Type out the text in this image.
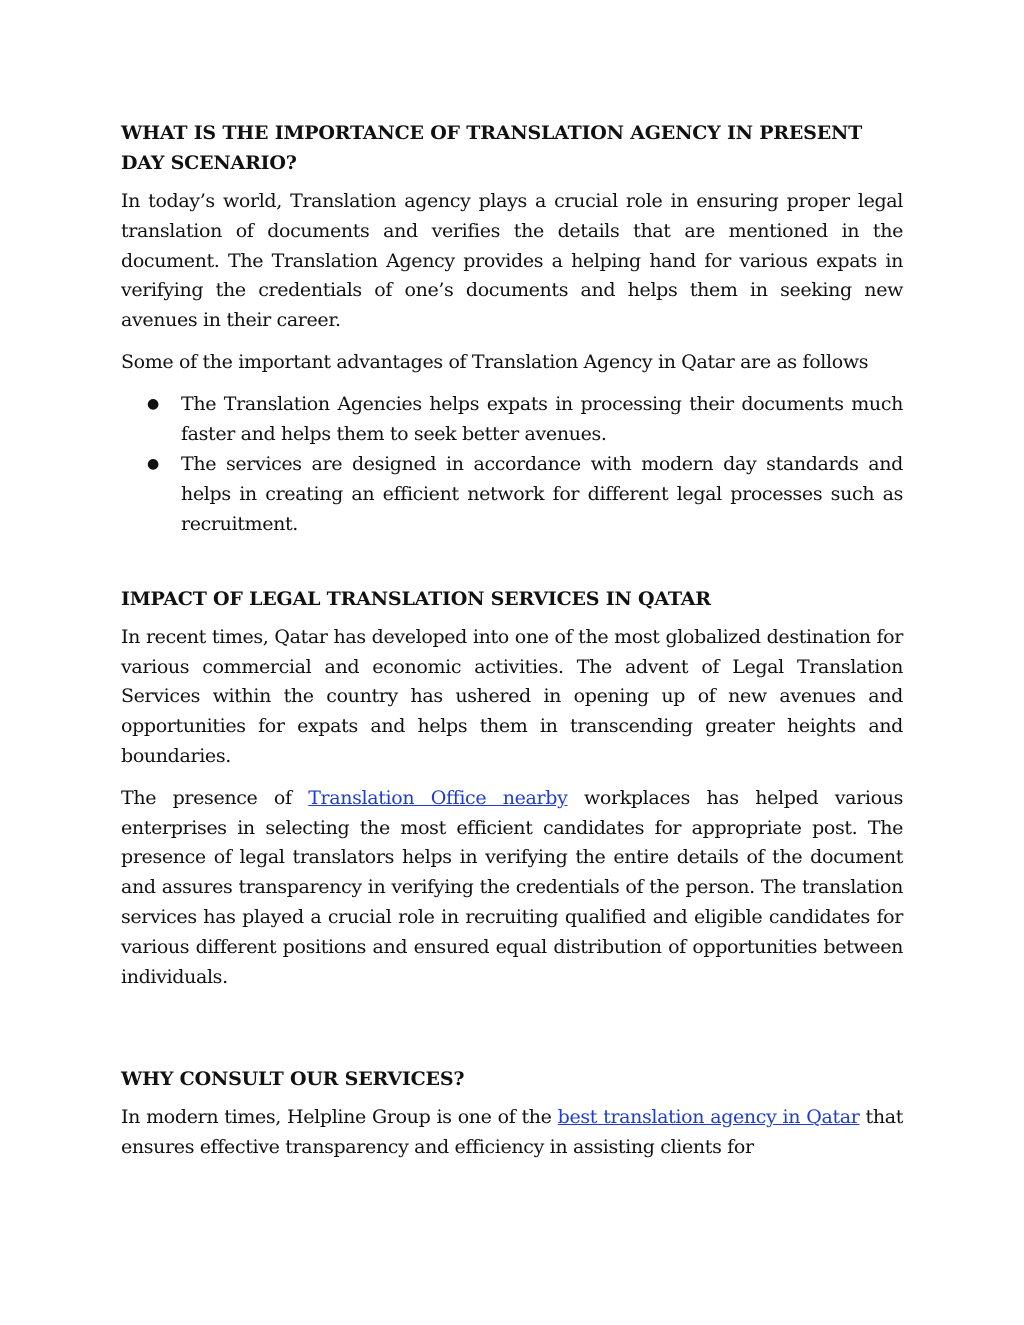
WHAT IS THE IMPORTANCE OF TRANSLATION AGENCY IN PRESENT DAY SCENARIO?

In today’s world, Translation agency plays a crucial role in ensuring proper legal translation of documents and verifies the details that are mentioned in the document. The Translation Agency provides a helping hand for various expats in verifying the credentials of one’s documents and helps them in seeking new avenues in their career.

Some of the important advantages of Translation Agency in Qatar are as follows

● The Translation Agencies helps expats in processing their documents much faster and helps them to seek better avenues.
● The services are designed in accordance with modern day standards and helps in creating an efficient network for different legal processes such as recruitment.
IMPACT OF LEGAL TRANSLATION SERVICES IN QATAR

In recent times, Qatar has developed into one of the most globalized destination for various commercial and economic activities. The advent of Legal Translation Services within the country has ushered in opening up of new avenues and opportunities for expats and helps them in transcending greater heights and boundaries.

The presence of Translation Office nearby workplaces has helped various enterprises in selecting the most efficient candidates for appropriate post. The presence of legal translators helps in verifying the entire details of the document and assures transparency in verifying the credentials of the person. The translation services has played a crucial role in recruiting qualified and eligible candidates for various different positions and ensured equal distribution of opportunities between individuals.

WHY CONSULT OUR SERVICES?

In modern times, Helpline Group is one of the best translation agency in Qatar that ensures effective transparency and efficiency in assisting clients for
